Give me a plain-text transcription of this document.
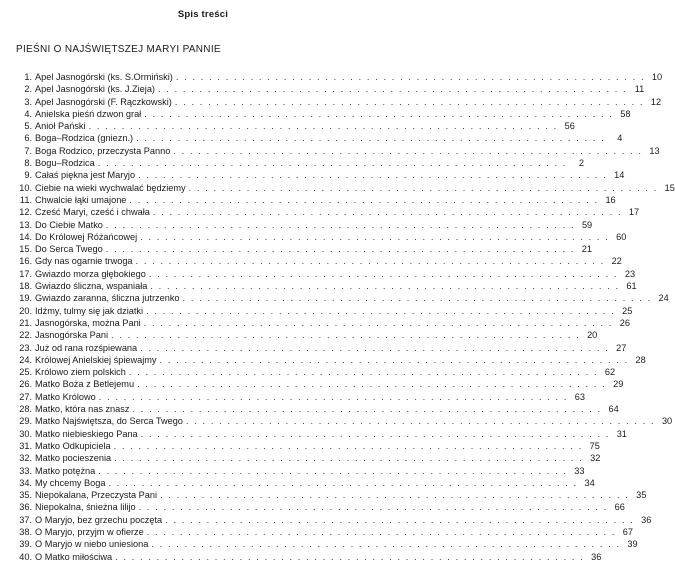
Spis treści
PIEŚNI O NAJŚWIĘTSZEJ MARYI PANNIE
1. Apel Jasnogórski (ks. S.Ormiński) . . . . . . . . . . . . . . . . . . . . . . . . . . . . . . . . . . . . . . . . . . . . . . . . . . . . . . . . . 10
2. Apel Jasnogórski (ks. J.Zieja) . . . . . . . . . . . . . . . . . . . . . . . . . . . . . . . . . . . . . . . . . . . . . . . . . . . . . . . . . 11
3. Apel Jasnogórski (F. Rączkowski) . . . . . . . . . . . . . . . . . . . . . . . . . . . . . . . . . . . . . . . . . . . . . . . . . . . . . . . . . 12
4. Anielska pieśń dzwon grał . . . . . . . . . . . . . . . . . . . . . . . . . . . . . . . . . . . . . . . . . . . . . . . . . . . . . . . . . 58
5. Anioł Pański . . . . . . . . . . . . . . . . . . . . . . . . . . . . . . . . . . . . . . . . . . . . . . . . . . . . . . . . . 56
6. Boga–Rodzica (gniezn.) . . . . . . . . . . . . . . . . . . . . . . . . . . . . . . . . . . . . . . . . . . . . . . . . . . . . . . . . .	4
7. Boga Rodzico, przeczysta Panno . . . . . . . . . . . . . . . . . . . . . . . . . . . . . . . . . . . . . . . . . . . . . . . . . . . . . . . . . 13
8. Bogu–Rodzica . . . . . . . . . . . . . . . . . . . . . . . . . . . . . . . . . . . . . . . . . . . . . . . . . . . . . . . . .	2
9. Całaś piękna jest Maryjo . . . . . . . . . . . . . . . . . . . . . . . . . . . . . . . . . . . . . . . . . . . . . . . . . . . . . . . . . 14
10. Ciebie na wieki wychwalać będziemy . . . . . . . . . . . . . . . . . . . . . . . . . . . . . . . . . . . . . . . . . . . . . . . . . . . . . . . . . 15
11. Chwalcie łąki umajone . . . . . . . . . . . . . . . . . . . . . . . . . . . . . . . . . . . . . . . . . . . . . . . . . . . . . . . . . 16
12. Cześć Maryi, cześć i chwała . . . . . . . . . . . . . . . . . . . . . . . . . . . . . . . . . . . . . . . . . . . . . . . . . . . . . . . . . 17
13. Do Ciebie Matko . . . . . . . . . . . . . . . . . . . . . . . . . . . . . . . . . . . . . . . . . . . . . . . . . . . . . . . . . 59
14. Do Królowej Różańcowej . . . . . . . . . . . . . . . . . . . . . . . . . . . . . . . . . . . . . . . . . . . . . . . . . . . . . . . . . 60
15. Do Serca Twego . . . . . . . . . . . . . . . . . . . . . . . . . . . . . . . . . . . . . . . . . . . . . . . . . . . . . . . . . 21
16. Gdy nas ogarnie trwoga . . . . . . . . . . . . . . . . . . . . . . . . . . . . . . . . . . . . . . . . . . . . . . . . . . . . . . . . . 22
17. Gwiazdo morza głębokiego . . . . . . . . . . . . . . . . . . . . . . . . . . . . . . . . . . . . . . . . . . . . . . . . . . . . . . . . . 23
18. Gwiazdo śliczna, wspaniała . . . . . . . . . . . . . . . . . . . . . . . . . . . . . . . . . . . . . . . . . . . . . . . . . . . . . . . . . 61
19. Gwiazdo zaranna, śliczna jutrzenko . . . . . . . . . . . . . . . . . . . . . . . . . . . . . . . . . . . . . . . . . . . . . . . . . . . . . . . . . 24
20. Idźmy, tulmy się jak dziatki . . . . . . . . . . . . . . . . . . . . . . . . . . . . . . . . . . . . . . . . . . . . . . . . . . . . . . . . . 25
21. Jasnogórska, można Pani . . . . . . . . . . . . . . . . . . . . . . . . . . . . . . . . . . . . . . . . . . . . . . . . . . . . . . . . . 26
22. Jasnogórska Pani . . . . . . . . . . . . . . . . . . . . . . . . . . . . . . . . . . . . . . . . . . . . . . . . . . . . . . . . . 20
23. Już od rana rozśpiewana . . . . . . . . . . . . . . . . . . . . . . . . . . . . . . . . . . . . . . . . . . . . . . . . . . . . . . . . . 27
24. Królowej Anielskiej śpiewajmy . . . . . . . . . . . . . . . . . . . . . . . . . . . . . . . . . . . . . . . . . . . . . . . . . . . . . . . . . 28
25. Królowo ziem polskich . . . . . . . . . . . . . . . . . . . . . . . . . . . . . . . . . . . . . . . . . . . . . . . . . . . . . . . . . 62
26. Matko Boża z Betlejemu . . . . . . . . . . . . . . . . . . . . . . . . . . . . . . . . . . . . . . . . . . . . . . . . . . . . . . . . . 29
27. Matko Królowo . . . . . . . . . . . . . . . . . . . . . . . . . . . . . . . . . . . . . . . . . . . . . . . . . . . . . . . . . 63
28. Matko, która nas znasz . . . . . . . . . . . . . . . . . . . . . . . . . . . . . . . . . . . . . . . . . . . . . . . . . . . . . . . . . 64
29. Matko Najświętsza, do Serca Twego . . . . . . . . . . . . . . . . . . . . . . . . . . . . . . . . . . . . . . . . . . . . . . . . . . . . . . . . . 30
30. Matko niebieskiego Pana . . . . . . . . . . . . . . . . . . . . . . . . . . . . . . . . . . . . . . . . . . . . . . . . . . . . . . . . . 31
31. Matko Odkupiciela . . . . . . . . . . . . . . . . . . . . . . . . . . . . . . . . . . . . . . . . . . . . . . . . . . . . . . . . . 75
32. Matko pocieszenia . . . . . . . . . . . . . . . . . . . . . . . . . . . . . . . . . . . . . . . . . . . . . . . . . . . . . . . . . 32
33. Matko potężna . . . . . . . . . . . . . . . . . . . . . . . . . . . . . . . . . . . . . . . . . . . . . . . . . . . . . . . . . 33
34. My chcemy Boga . . . . . . . . . . . . . . . . . . . . . . . . . . . . . . . . . . . . . . . . . . . . . . . . . . . . . . . . . 34
35. Niepokalana, Przeczysta Pani . . . . . . . . . . . . . . . . . . . . . . . . . . . . . . . . . . . . . . . . . . . . . . . . . . . . . . . . . 35
36. Niepokalna, śnieżna lilijo . . . . . . . . . . . . . . . . . . . . . . . . . . . . . . . . . . . . . . . . . . . . . . . . . . . . . . . . . 66
37. O Maryjo, bez grzechu poczęta . . . . . . . . . . . . . . . . . . . . . . . . . . . . . . . . . . . . . . . . . . . . . . . . . . . . . . . . . 36
38. O Maryjo, przyjm w ofierze . . . . . . . . . . . . . . . . . . . . . . . . . . . . . . . . . . . . . . . . . . . . . . . . . . . . . . . . . 67
39. O Maryjo w niebo uniesiona . . . . . . . . . . . . . . . . . . . . . . . . . . . . . . . . . . . . . . . . . . . . . . . . . . . . . . . . . 39
40. O Matko miłościwa . . . . . . . . . . . . . . . . . . . . . . . . . . . . . . . . . . . . . . . . . . . . . . . . . . . . . . . . . 36
